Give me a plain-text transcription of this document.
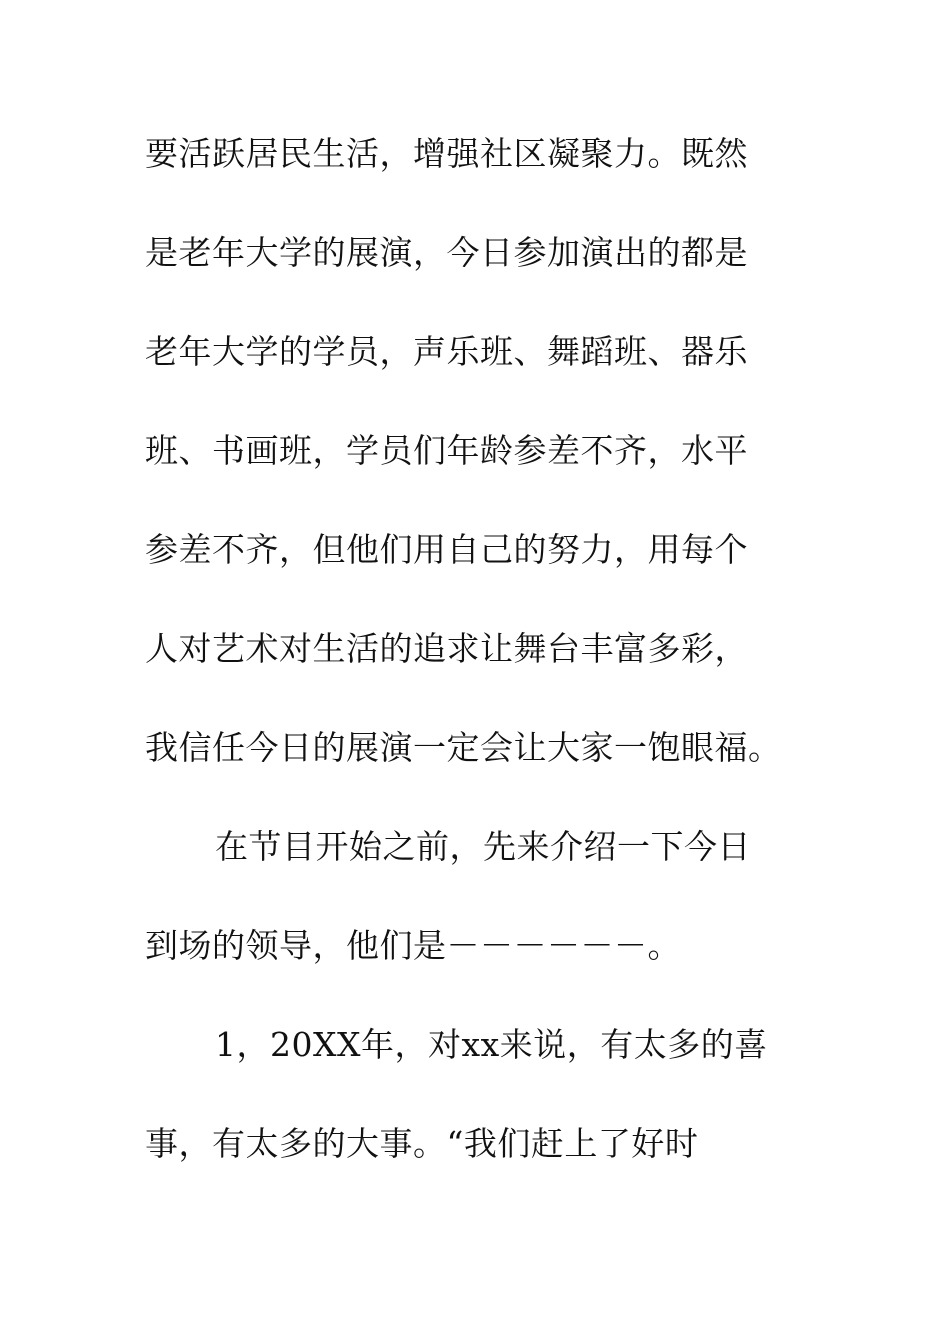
要活跃居民生活，增强社区凝聚力。既然
是老年大学的展演，今日参加演出的都是
老年大学的学员，声乐班、舞蹈班、器乐
班、书画班，学员们年龄参差不齐，水平
参差不齐，但他们用自己的努力，用每个
人对艺术对生活的追求让舞台丰富多彩，
我信任今日的展演一定会让大家一饱眼福。
在节目开始之前，先来介绍一下今日
到场的领导，他们是－－－－－－。
1，20XX年，对xx来说，有太多的喜
事，有太多的大事。“我们赶上了好时
